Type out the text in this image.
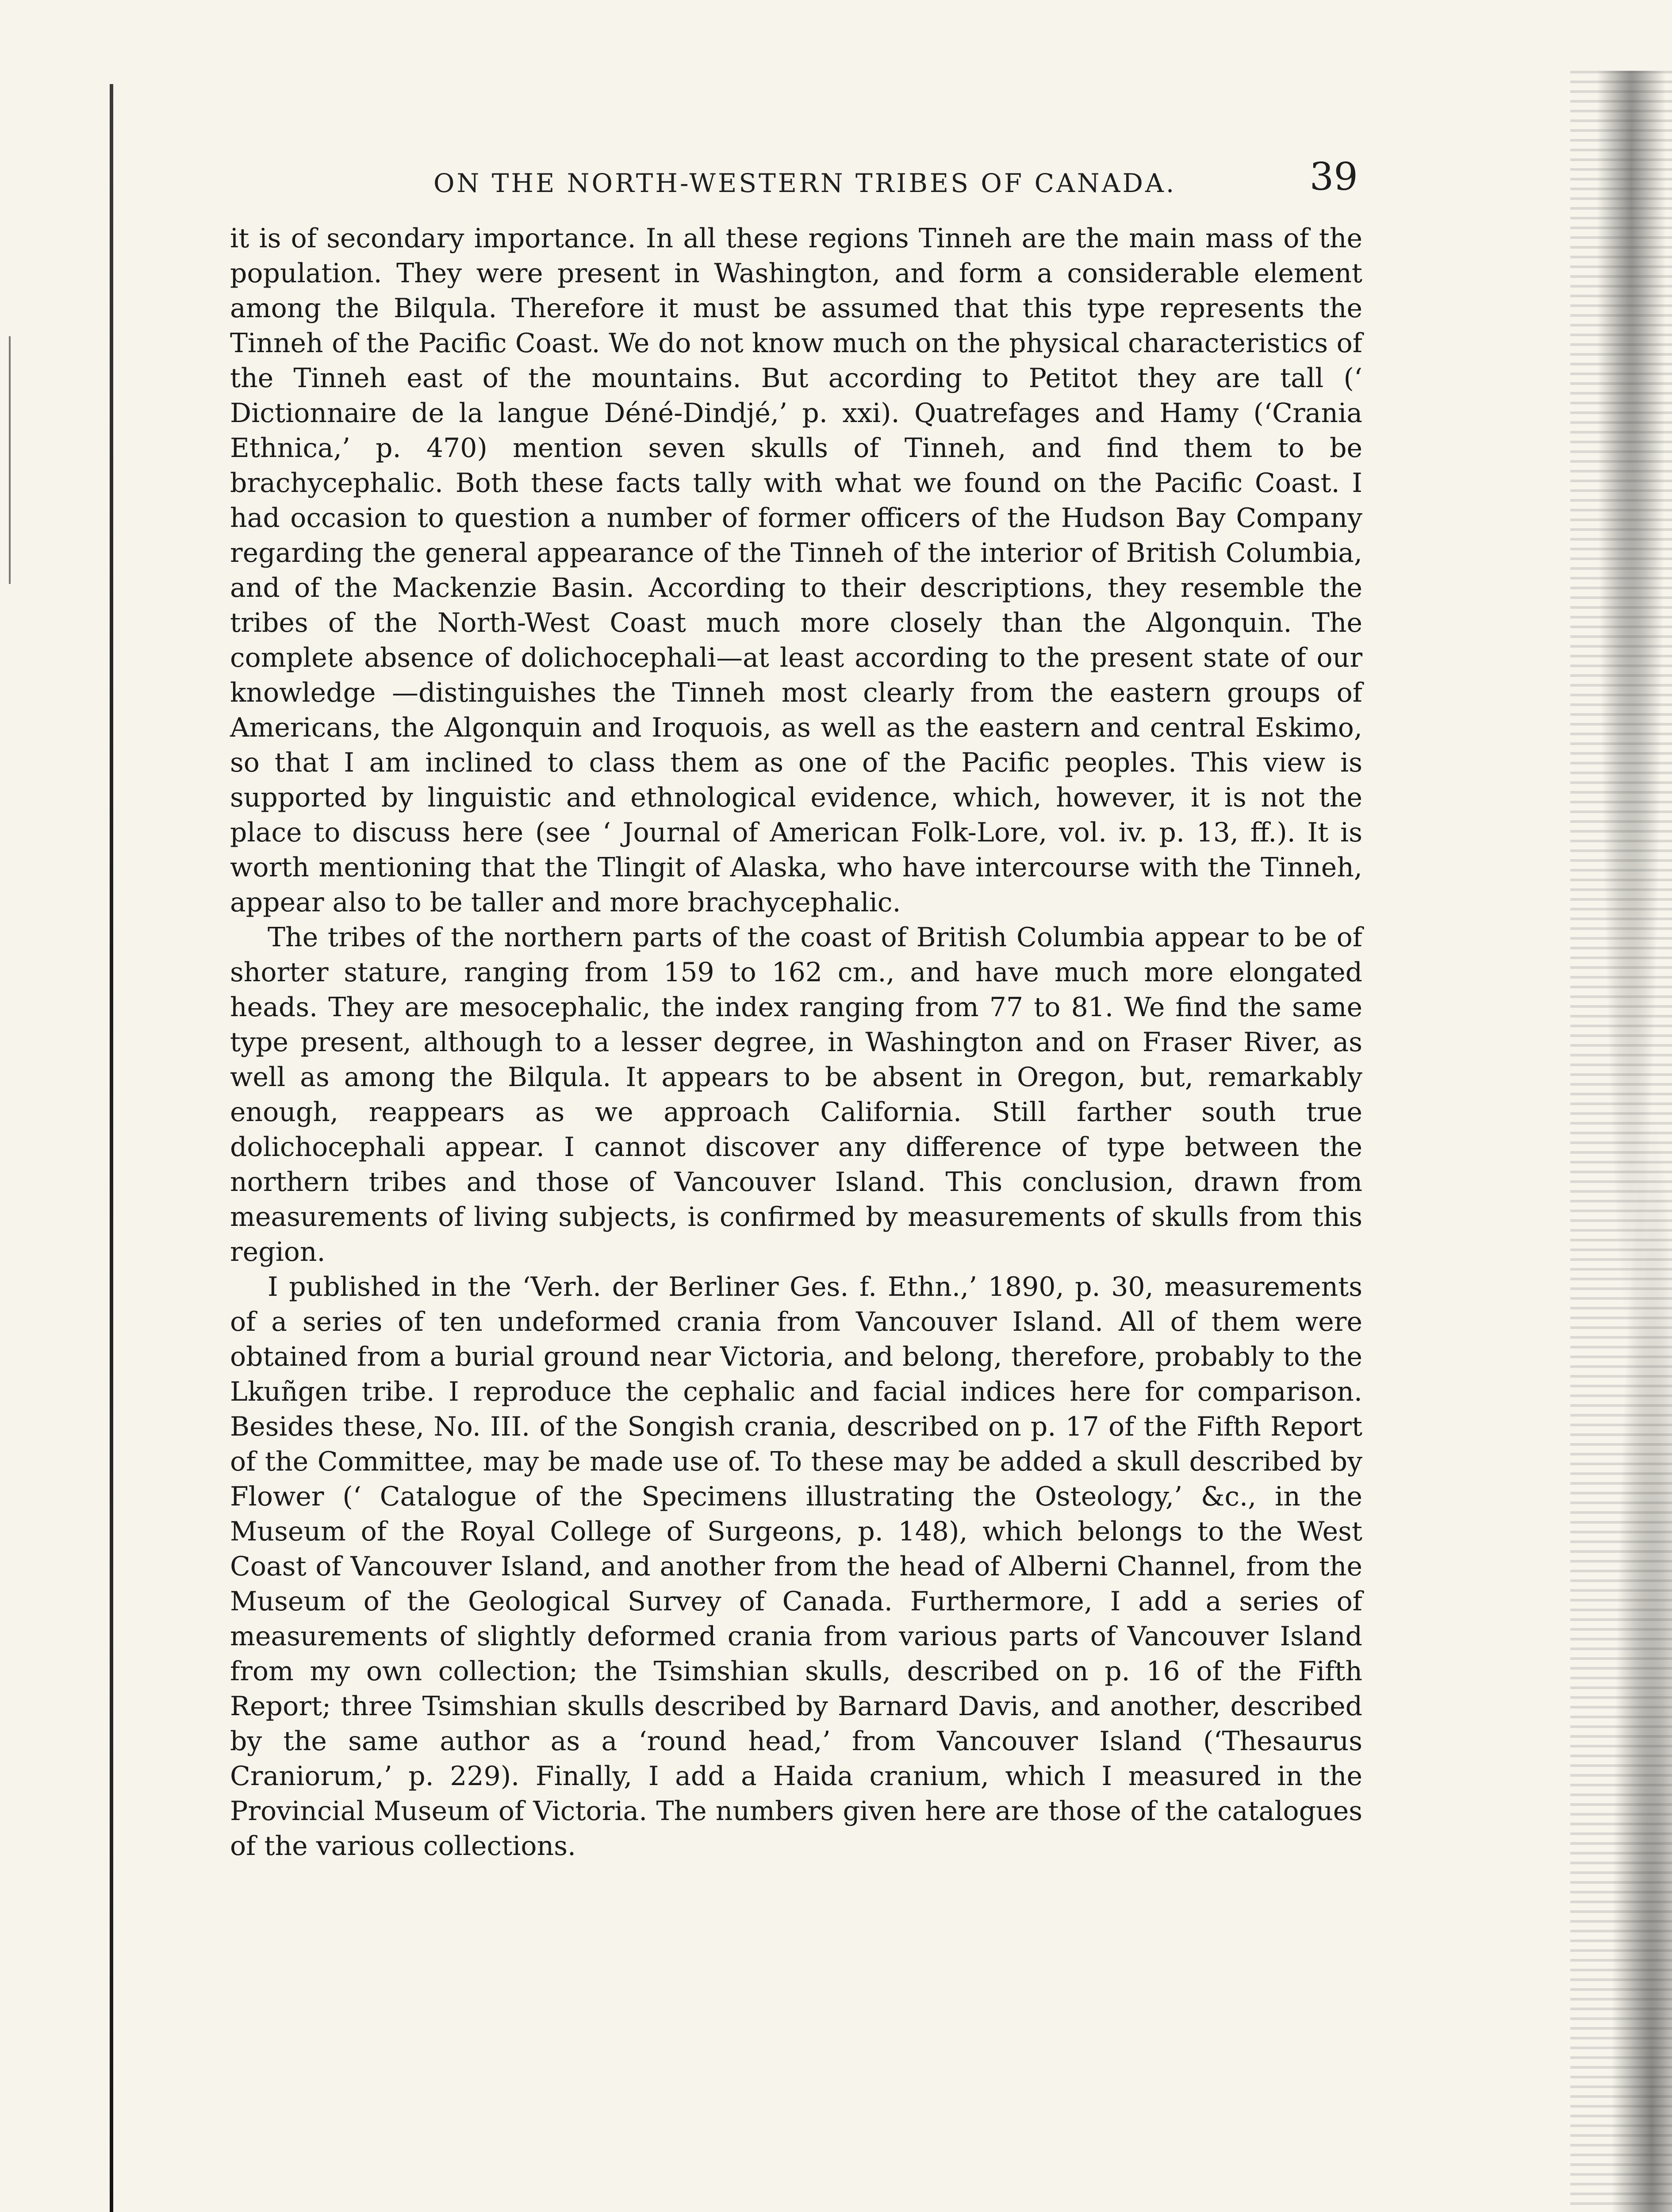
ON THE NORTH-WESTERN TRIBES OF CANADA.	39

it is of secondary importance. In all these regions Tinneh are the main mass of the population. They were present in Washington, and form a considerable element among the Bilqula. Therefore it must be assumed that this type represents the Tinneh of the Pacific Coast. We do not know much on the physical characteristics of the Tinneh east of the mountains. But according to Petitot they are tall (‘ Dictionnaire de la langue Déné-Dindjé,’ p. xxi). Quatrefages and Hamy (‘Crania Ethnica,’ p. 470) mention seven skulls of Tinneh, and find them to be brachycephalic. Both these facts tally with what we found on the Pacific Coast. I had occasion to question a number of former officers of the Hudson Bay Company regarding the general appearance of the Tinneh of the interior of British Columbia, and of the Mackenzie Basin. According to their descriptions, they resemble the tribes of the North-West Coast much more closely than the Algonquin. The complete absence of dolichocephali—at least according to the present state of our knowledge —distinguishes the Tinneh most clearly from the eastern groups of Americans, the Algonquin and Iroquois, as well as the eastern and central Eskimo, so that I am inclined to class them as one of the Pacific peoples. This view is supported by linguistic and ethnological evidence, which, however, it is not the place to discuss here (see ‘ Journal of American Folk-Lore, vol. iv. p. 13, ff.). It is worth mentioning that the Tlingit of Alaska, who have intercourse with the Tinneh, appear also to be taller and more brachycephalic.

The tribes of the northern parts of the coast of British Columbia appear to be of shorter stature, ranging from 159 to 162 cm., and have much more elongated heads. They are mesocephalic, the index ranging from 77 to 81. We find the same type present, although to a lesser degree, in Washington and on Fraser River, as well as among the Bilqula. It appears to be absent in Oregon, but, remarkably enough, reappears as we approach California. Still farther south true dolichocephali appear. I cannot discover any difference of type between the northern tribes and those of Vancouver Island. This conclusion, drawn from measurements of living subjects, is confirmed by measurements of skulls from this region.

I published in the ‘Verh. der Berliner Ges. f. Ethn.,’ 1890, p. 30, measurements of a series of ten undeformed crania from Vancouver Island. All of them were obtained from a burial ground near Victoria, and belong, therefore, probably to the Lkuñgen tribe. I reproduce the cephalic and facial indices here for comparison. Besides these, No. III. of the Songish crania, described on p. 17 of the Fifth Report of the Committee, may be made use of. To these may be added a skull described by Flower (‘ Catalogue of the Specimens illustrating the Osteology,’ &c., in the Museum of the Royal College of Surgeons, p. 148), which belongs to the West Coast of Vancouver Island, and another from the head of Alberni Channel, from the Museum of the Geological Survey of Canada. Furthermore, I add a series of measurements of slightly deformed crania from various parts of Vancouver Island from my own collection; the Tsimshian skulls, described on p. 16 of the Fifth Report; three Tsimshian skulls described by Barnard Davis, and another, described by the same author as a ‘round head,’ from Vancouver Island (‘Thesaurus Craniorum,’ p. 229). Finally, I add a Haida cranium, which I measured in the Provincial Museum of Victoria. The numbers given here are those of the catalogues of the various collections.
